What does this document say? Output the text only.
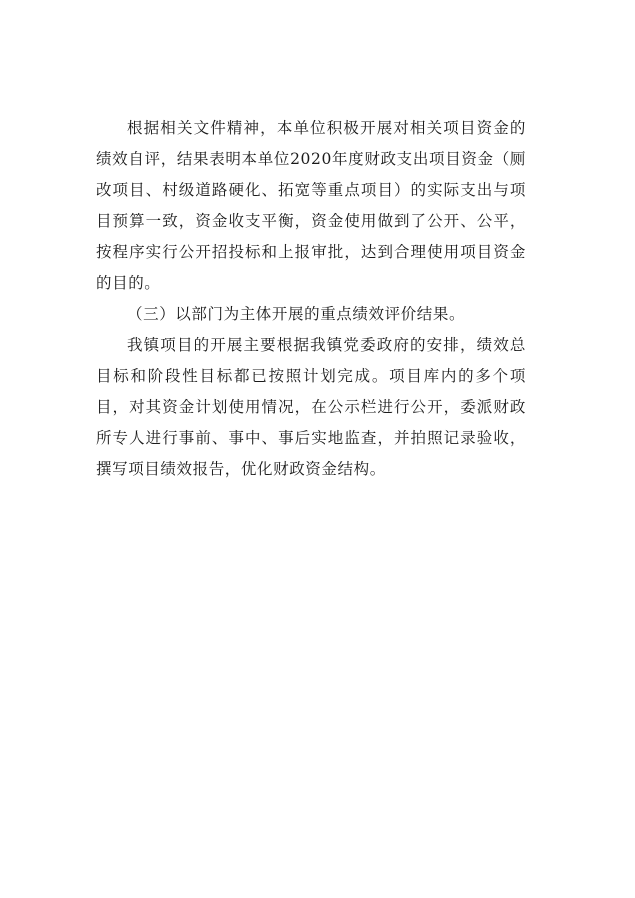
根据相关文件精神，本单位积极开展对相关项目资金的绩效自评，结果表明本单位2020年度财政支出项目资金（厕改项目、村级道路硬化、拓宽等重点项目）的实际支出与项目预算一致，资金收支平衡，资金使用做到了公开、公平，按程序实行公开招投标和上报审批，达到合理使用项目资金的目的。

（三）以部门为主体开展的重点绩效评价结果。

我镇项目的开展主要根据我镇党委政府的安排，绩效总目标和阶段性目标都已按照计划完成。项目库内的多个项目，对其资金计划使用情况，在公示栏进行公开，委派财政所专人进行事前、事中、事后实地监查，并拍照记录验收，撰写项目绩效报告，优化财政资金结构。
